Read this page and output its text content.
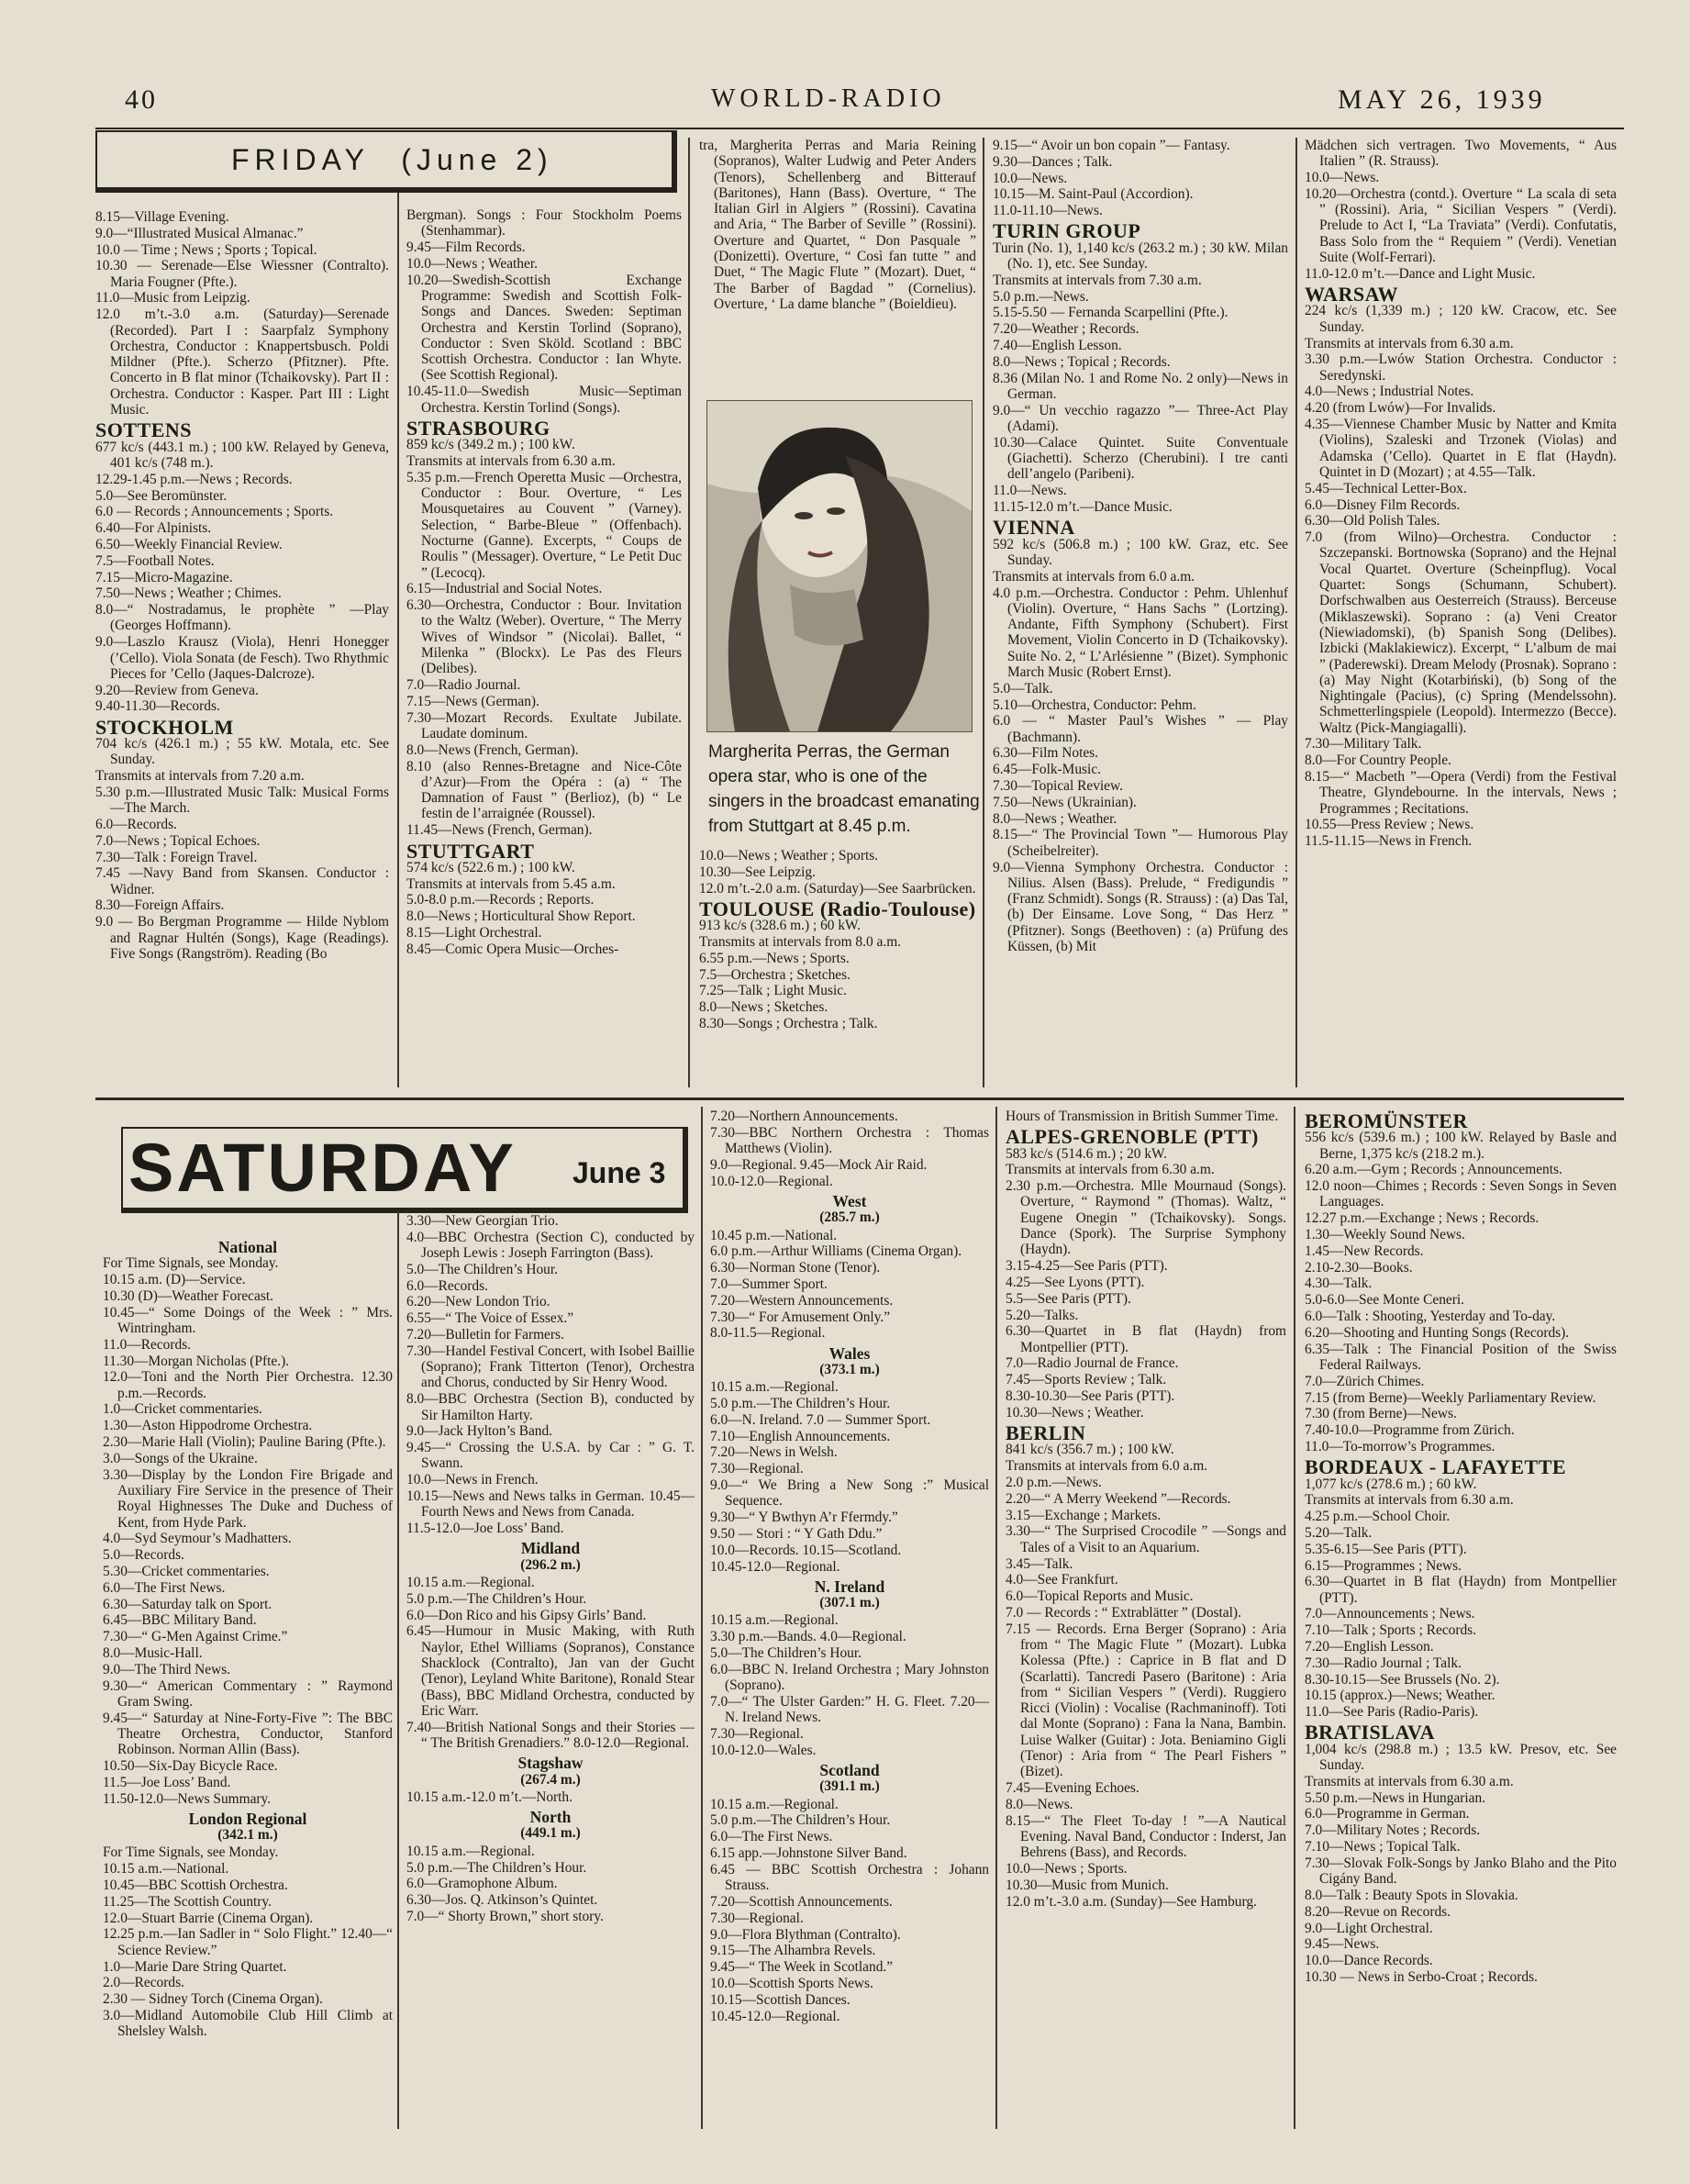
40	WORLD-RADIO	MAY 26, 1939
FRIDAY (June 2)
SATURDAY June 3
Margherita Perras, the German opera star, who is one of the singers in the broadcast emanating from Stuttgart at 8.45 p.m.

8.15—Village Evening.

9.0—“Illustrated Musical Almanac.”

10.0 — Time ; News ; Sports ; Topical.

10.30 — Serenade—Else Wiessner (Contralto). Maria Fougner (Pfte.).

11.0—Music from Leipzig.

12.0 m’t.-3.0 a.m. (Saturday)—Serenade (Recorded). Part I : Saarpfalz Symphony Orchestra, Conductor : Knappertsbusch. Poldi Mildner (Pfte.). Scherzo (Pfitzner). Pfte. Concerto in B flat minor (Tchaikovsky). Part II : Orchestra. Conductor : Kasper. Part III : Light Music.

SOTTENS

677 kc/s (443.1 m.) ; 100 kW. Relayed by Geneva, 401 kc/s (748 m.).

12.29-1.45 p.m.—News ; Records.

5.0—See Beromünster.

6.0 — Records ; Announcements ; Sports.

6.40—For Alpinists.

6.50—Weekly Financial Review.

7.5—Football Notes.

7.15—Micro-Magazine.

7.50—News ; Weather ; Chimes.

8.0—“ Nostradamus, le prophète ” —Play (Georges Hoffmann).

9.0—Laszlo Krausz (Viola), Henri Honegger (’Cello). Viola Sonata (de Fesch). Two Rhythmic Pieces for ’Cello (Jaques-Dalcroze).

9.20—Review from Geneva.

9.40-11.30—Records.

STOCKHOLM

704 kc/s (426.1 m.) ; 55 kW. Motala, etc. See Sunday.

Transmits at intervals from 7.20 a.m.

5.30 p.m.—Illustrated Music Talk: Musical Forms—The March.

6.0—Records.

7.0—News ; Topical Echoes.

7.30—Talk : Foreign Travel.

7.45 —Navy Band from Skansen. Conductor : Widner.

8.30—Foreign Affairs.

9.0 — Bo Bergman Programme — Hilde Nyblom and Ragnar Hultén (Songs), Kage (Readings). Five Songs (Rangström). Reading (Bo

Bergman). Songs : Four Stockholm Poems (Stenhammar).

9.45—Film Records.

10.0—News ; Weather.

10.20—Swedish-Scottish Exchange Programme: Swedish and Scottish Folk-Songs and Dances. Sweden: Septiman Orchestra and Kerstin Torlind (Soprano), Conductor : Sven Sköld. Scotland : BBC Scottish Orchestra. Conductor : Ian Whyte. (See Scottish Regional).

10.45-11.0—Swedish Music—Septiman Orchestra. Kerstin Torlind (Songs).

STRASBOURG

859 kc/s (349.2 m.) ; 100 kW.

Transmits at intervals from 6.30 a.m.

5.35 p.m.—French Operetta Music —Orchestra, Conductor : Bour. Overture, “ Les Mousquetaires au Couvent ” (Varney). Selection, “ Barbe-Bleue ” (Offenbach). Nocturne (Ganne). Excerpts, “ Coups de Roulis ” (Messager). Overture, “ Le Petit Duc ” (Lecocq).

6.15—Industrial and Social Notes.

6.30—Orchestra, Conductor : Bour. Invitation to the Waltz (Weber). Overture, “ The Merry Wives of Windsor ” (Nicolai). Ballet, “ Milenka ” (Blockx). Le Pas des Fleurs (Delibes).

7.0—Radio Journal.

7.15—News (German).

7.30—Mozart Records. Exultate Jubilate. Laudate dominum.

8.0—News (French, German).

8.10 (also Rennes-Bretagne and Nice-Côte d’Azur)—From the Opéra : (a) “ The Damnation of Faust ” (Berlioz), (b) “ Le festin de l’arraignée (Roussel).

11.45—News (French, German).

STUTTGART

574 kc/s (522.6 m.) ; 100 kW.

Transmits at intervals from 5.45 a.m.

5.0-8.0 p.m.—Records ; Reports.

8.0—News ; Horticultural Show Report.

8.15—Light Orchestral.

8.45—Comic Opera Music—Orches-

tra, Margherita Perras and Maria Reining (Sopranos), Walter Ludwig and Peter Anders (Tenors), Schellenberg and Bitterauf (Baritones), Hann (Bass). Overture, “ The Italian Girl in Algiers ” (Rossini). Cavatina and Aria, “ The Barber of Seville ” (Rossini). Overture and Quartet, “ Don Pasquale ” (Donizetti). Overture, “ Così fan tutte ” and Duet, “ The Magic Flute ” (Mozart). Duet, “ The Barber of Bagdad ” (Cornelius). Overture, ‘ La dame blanche ” (Boieldieu).

10.0—News ; Weather ; Sports.

10.30—See Leipzig.

12.0 m’t.-2.0 a.m. (Saturday)—See Saarbrücken.

TOULOUSE (Radio-Toulouse)

913 kc/s (328.6 m.) ; 60 kW.

Transmits at intervals from 8.0 a.m.

6.55 p.m.—News ; Sports.

7.5—Orchestra ; Sketches.

7.25—Talk ; Light Music.

8.0—News ; Sketches.

8.30—Songs ; Orchestra ; Talk.

9.15—“ Avoir un bon copain ”— Fantasy.

9.30—Dances ; Talk.

10.0—News.

10.15—M. Saint-Paul (Accordion).

11.0-11.10—News.

TURIN GROUP

Turin (No. 1), 1,140 kc/s (263.2 m.) ; 30 kW. Milan (No. 1), etc. See Sunday.

Transmits at intervals from 7.30 a.m.

5.0 p.m.—News.

5.15-5.50 — Fernanda Scarpellini (Pfte.).

7.20—Weather ; Records.

7.40—English Lesson.

8.0—News ; Topical ; Records.

8.36 (Milan No. 1 and Rome No. 2 only)—News in German.

9.0—“ Un vecchio ragazzo ”— Three-Act Play (Adami).

10.30—Calace Quintet. Suite Conventuale (Giachetti). Scherzo (Cherubini). I tre canti dell’angelo (Paribeni).

11.0—News.

11.15-12.0 m’t.—Dance Music.

VIENNA

592 kc/s (506.8 m.) ; 100 kW. Graz, etc. See Sunday.

Transmits at intervals from 6.0 a.m.

4.0 p.m.—Orchestra. Conductor : Pehm. Uhlenhuf (Violin). Overture, “ Hans Sachs ” (Lortzing). Andante, Fifth Symphony (Schubert). First Movement, Violin Concerto in D (Tchaikovsky). Suite No. 2, “ L’Arlésienne ” (Bizet). Symphonic March Music (Robert Ernst).

5.0—Talk.

5.10—Orchestra, Conductor: Pehm.

6.0 — “ Master Paul’s Wishes ” — Play (Bachmann).

6.30—Film Notes.

6.45—Folk-Music.

7.30—Topical Review.

7.50—News (Ukrainian).

8.0—News ; Weather.

8.15—“ The Provincial Town ”— Humorous Play (Scheibelreiter).

9.0—Vienna Symphony Orchestra. Conductor : Nilius. Alsen (Bass). Prelude, “ Fredigundis ” (Franz Schmidt). Songs (R. Strauss) : (a) Das Tal, (b) Der Einsame. Love Song, “ Das Herz ” (Pfitzner). Songs (Beethoven) : (a) Prüfung des Küssen, (b) Mit

Mädchen sich vertragen. Two Movements, “ Aus Italien ” (R. Strauss).

10.0—News.

10.20—Orchestra (contd.). Overture “ La scala di seta ” (Rossini). Aria, “ Sicilian Vespers ” (Verdi). Prelude to Act I, “La Traviata” (Verdi). Confutatis, Bass Solo from the “ Requiem ” (Verdi). Venetian Suite (Wolf-Ferrari).

11.0-12.0 m’t.—Dance and Light Music.

WARSAW

224 kc/s (1,339 m.) ; 120 kW. Cracow, etc. See Sunday.

Transmits at intervals from 6.30 a.m.

3.30 p.m.—Lwów Station Orchestra. Conductor : Seredynski.

4.0—News ; Industrial Notes.

4.20 (from Lwów)—For Invalids.

4.35—Viennese Chamber Music by Natter and Kmita (Violins), Szaleski and Trzonek (Violas) and Adamska (’Cello). Quartet in E flat (Haydn). Quintet in D (Mozart) ; at 4.55—Talk.

5.45—Technical Letter-Box.

6.0—Disney Film Records.

6.30—Old Polish Tales.

7.0 (from Wilno)—Orchestra. Conductor : Szczepanski. Bortnowska (Soprano) and the Hejnal Vocal Quartet. Overture (Scheinpflug). Vocal Quartet: Songs (Schumann, Schubert). Dorfschwalben aus Oesterreich (Strauss). Berceuse (Miklaszewski). Soprano : (a) Veni Creator (Niewiadomski), (b) Spanish Song (Delibes). Izbicki (Maklakiewicz). Excerpt, “ L’album de mai ” (Paderewski). Dream Melody (Prosnak). Soprano : (a) May Night (Kotarbiński), (b) Song of the Nightingale (Pacius), (c) Spring (Mendelssohn). Schmetterlingspiele (Leopold). Intermezzo (Becce). Waltz (Pick-Mangiagalli).

7.30—Military Talk.

8.0—For Country People.

8.15—“ Macbeth ”—Opera (Verdi) from the Festival Theatre, Glyndebourne. In the intervals, News ; Programmes ; Recitations.

10.55—Press Review ; News.

11.5-11.15—News in French.

National

For Time Signals, see Monday.

10.15 a.m. (D)—Service.

10.30 (D)—Weather Forecast.

10.45—“ Some Doings of the Week : ” Mrs. Wintringham.

11.0—Records.

11.30—Morgan Nicholas (Pfte.).

12.0—Toni and the North Pier Orchestra. 12.30 p.m.—Records.

1.0—Cricket commentaries.

1.30—Aston Hippodrome Orchestra.

2.30—Marie Hall (Violin); Pauline Baring (Pfte.).

3.0—Songs of the Ukraine.

3.30—Display by the London Fire Brigade and Auxiliary Fire Service in the presence of Their Royal Highnesses The Duke and Duchess of Kent, from Hyde Park.

4.0—Syd Seymour’s Madhatters.

5.0—Records.

5.30—Cricket commentaries.

6.0—The First News.

6.30—Saturday talk on Sport.

6.45—BBC Military Band.

7.30—“ G-Men Against Crime.”

8.0—Music-Hall.

9.0—The Third News.

9.30—“ American Commentary : ” Raymond Gram Swing.

9.45—“ Saturday at Nine-Forty-Five ”: The BBC Theatre Orchestra, Conductor, Stanford Robinson. Norman Allin (Bass).

10.50—Six-Day Bicycle Race.

11.5—Joe Loss’ Band.

11.50-12.0—News Summary.

London Regional

(342.1 m.)

For Time Signals, see Monday.

10.15 a.m.—National.

10.45—BBC Scottish Orchestra.

11.25—The Scottish Country.

12.0—Stuart Barrie (Cinema Organ).

12.25 p.m.—Ian Sadler in “ Solo Flight.” 12.40—“ Science Review.”

1.0—Marie Dare String Quartet.

2.0—Records.

2.30 — Sidney Torch (Cinema Organ).

3.0—Midland Automobile Club Hill Climb at Shelsley Walsh.

3.30—New Georgian Trio.

4.0—BBC Orchestra (Section C), conducted by Joseph Lewis : Joseph Farrington (Bass).

5.0—The Children’s Hour.

6.0—Records.

6.20—New London Trio.

6.55—“ The Voice of Essex.”

7.20—Bulletin for Farmers.

7.30—Handel Festival Concert, with Isobel Baillie (Soprano); Frank Titterton (Tenor), Orchestra and Chorus, conducted by Sir Henry Wood.

8.0—BBC Orchestra (Section B), conducted by Sir Hamilton Harty.

9.0—Jack Hylton’s Band.

9.45—“ Crossing the U.S.A. by Car : ” G. T. Swann.

10.0—News in French.

10.15—News and News talks in German. 10.45—Fourth News and News from Canada.

11.5-12.0—Joe Loss’ Band.

Midland

(296.2 m.)

10.15 a.m.—Regional.

5.0 p.m.—The Children’s Hour.

6.0—Don Rico and his Gipsy Girls’ Band.

6.45—Humour in Music Making, with Ruth Naylor, Ethel Williams (Sopranos), Constance Shacklock (Contralto), Jan van der Gucht (Tenor), Leyland White Baritone), Ronald Stear (Bass), BBC Midland Orchestra, conducted by Eric Warr.

7.40—British National Songs and their Stories — “ The British Grenadiers.” 8.0-12.0—Regional.

Stagshaw

(267.4 m.)

10.15 a.m.-12.0 m’t.—North.

North

(449.1 m.)

10.15 a.m.—Regional.

5.0 p.m.—The Children’s Hour.

6.0—Gramophone Album.

6.30—Jos. Q. Atkinson’s Quintet.

7.0—“ Shorty Brown,” short story.

7.20—Northern Announcements.

7.30—BBC Northern Orchestra : Thomas Matthews (Violin).

9.0—Regional. 9.45—Mock Air Raid.

10.0-12.0—Regional.

West

(285.7 m.)

10.45 p.m.—National.

6.0 p.m.—Arthur Williams (Cinema Organ).

6.30—Norman Stone (Tenor).

7.0—Summer Sport.

7.20—Western Announcements.

7.30—“ For Amusement Only.”

8.0-11.5—Regional.

Wales

(373.1 m.)

10.15 a.m.—Regional.

5.0 p.m.—The Children’s Hour.

6.0—N. Ireland. 7.0 — Summer Sport.

7.10—English Announcements.

7.20—News in Welsh.

7.30—Regional.

9.0—“ We Bring a New Song :” Musical Sequence.

9.30—“ Y Bwthyn A’r Ffermdy.”

9.50 — Stori : “ Y Gath Ddu.”

10.0—Records. 10.15—Scotland.

10.45-12.0—Regional.

N. Ireland

(307.1 m.)

10.15 a.m.—Regional.

3.30 p.m.—Bands. 4.0—Regional.

5.0—The Children’s Hour.

6.0—BBC N. Ireland Orchestra ; Mary Johnston (Soprano).

7.0—“ The Ulster Garden:” H. G. Fleet. 7.20—N. Ireland News.

7.30—Regional.

10.0-12.0—Wales.

Scotland

(391.1 m.)

10.15 a.m.—Regional.

5.0 p.m.—The Children’s Hour.

6.0—The First News.

6.15 app.—Johnstone Silver Band.

6.45 — BBC Scottish Orchestra : Johann Strauss.

7.20—Scottish Announcements.

7.30—Regional.

9.0—Flora Blythman (Contralto).

9.15—The Alhambra Revels.

9.45—“ The Week in Scotland.”

10.0—Scottish Sports News.

10.15—Scottish Dances.

10.45-12.0—Regional.

Hours of Transmission in British Summer Time.

ALPES-GRENOBLE (PTT)

583 kc/s (514.6 m.) ; 20 kW.

Transmits at intervals from 6.30 a.m.

2.30 p.m.—Orchestra. Mlle Mournaud (Songs). Overture, “ Raymond ” (Thomas). Waltz, “ Eugene Onegin ” (Tchaikovsky). Songs. Dance (Spork). The Surprise Symphony (Haydn).

3.15-4.25—See Paris (PTT).

4.25—See Lyons (PTT).

5.5—See Paris (PTT).

5.20—Talks.

6.30—Quartet in B flat (Haydn) from Montpellier (PTT).

7.0—Radio Journal de France.

7.45—Sports Review ; Talk.

8.30-10.30—See Paris (PTT).

10.30—News ; Weather.

BERLIN

841 kc/s (356.7 m.) ; 100 kW.

Transmits at intervals from 6.0 a.m.

2.0 p.m.—News.

2.20—“ A Merry Weekend ”—Records.

3.15—Exchange ; Markets.

3.30—“ The Surprised Crocodile ” —Songs and Tales of a Visit to an Aquarium.

3.45—Talk.

4.0—See Frankfurt.

6.0—Topical Reports and Music.

7.0 — Records : “ Extrablätter ” (Dostal).

7.15 — Records. Erna Berger (Soprano) : Aria from “ The Magic Flute ” (Mozart). Lubka Kolessa (Pfte.) : Caprice in B flat and D (Scarlatti). Tancredi Pasero (Baritone) : Aria from “ Sicilian Vespers ” (Verdi). Ruggiero Ricci (Violin) : Vocalise (Rachmaninoff). Toti dal Monte (Soprano) : Fana la Nana, Bambin. Luise Walker (Guitar) : Jota. Beniamino Gigli (Tenor) : Aria from “ The Pearl Fishers ” (Bizet).

7.45—Evening Echoes.

8.0—News.

8.15—“ The Fleet To-day ! ”—A Nautical Evening. Naval Band, Conductor : Inderst, Jan Behrens (Bass), and Records.

10.0—News ; Sports.

10.30—Music from Munich.

12.0 m’t.-3.0 a.m. (Sunday)—See Hamburg.

BEROMÜNSTER

556 kc/s (539.6 m.) ; 100 kW. Relayed by Basle and Berne, 1,375 kc/s (218.2 m.).

6.20 a.m.—Gym ; Records ; Announcements.

12.0 noon—Chimes ; Records : Seven Songs in Seven Languages.

12.27 p.m.—Exchange ; News ; Records.

1.30—Weekly Sound News.

1.45—New Records.

2.10-2.30—Books.

4.30—Talk.

5.0-6.0—See Monte Ceneri.

6.0—Talk : Shooting, Yesterday and To-day.

6.20—Shooting and Hunting Songs (Records).

6.35—Talk : The Financial Position of the Swiss Federal Railways.

7.0—Zürich Chimes.

7.15 (from Berne)—Weekly Parliamentary Review.

7.30 (from Berne)—News.

7.40-10.0—Programme from Zürich.

11.0—To-morrow’s Programmes.

BORDEAUX - LAFAYETTE

1,077 kc/s (278.6 m.) ; 60 kW.

Transmits at intervals from 6.30 a.m.

4.25 p.m.—School Choir.

5.20—Talk.

5.35-6.15—See Paris (PTT).

6.15—Programmes ; News.

6.30—Quartet in B flat (Haydn) from Montpellier (PTT).

7.0—Announcements ; News.

7.10—Talk ; Sports ; Records.

7.20—English Lesson.

7.30—Radio Journal ; Talk.

8.30-10.15—See Brussels (No. 2).

10.15 (approx.)—News; Weather.

11.0—See Paris (Radio-Paris).

BRATISLAVA

1,004 kc/s (298.8 m.) ; 13.5 kW. Presov, etc. See Sunday.

Transmits at intervals from 6.30 a.m.

5.50 p.m.—News in Hungarian.

6.0—Programme in German.

7.0—Military Notes ; Records.

7.10—News ; Topical Talk.

7.30—Slovak Folk-Songs by Janko Blaho and the Pito Cigány Band.

8.0—Talk : Beauty Spots in Slovakia.

8.20—Revue on Records.

9.0—Light Orchestral.

9.45—News.

10.0—Dance Records.

10.30 — News in Serbo-Croat ; Records.
